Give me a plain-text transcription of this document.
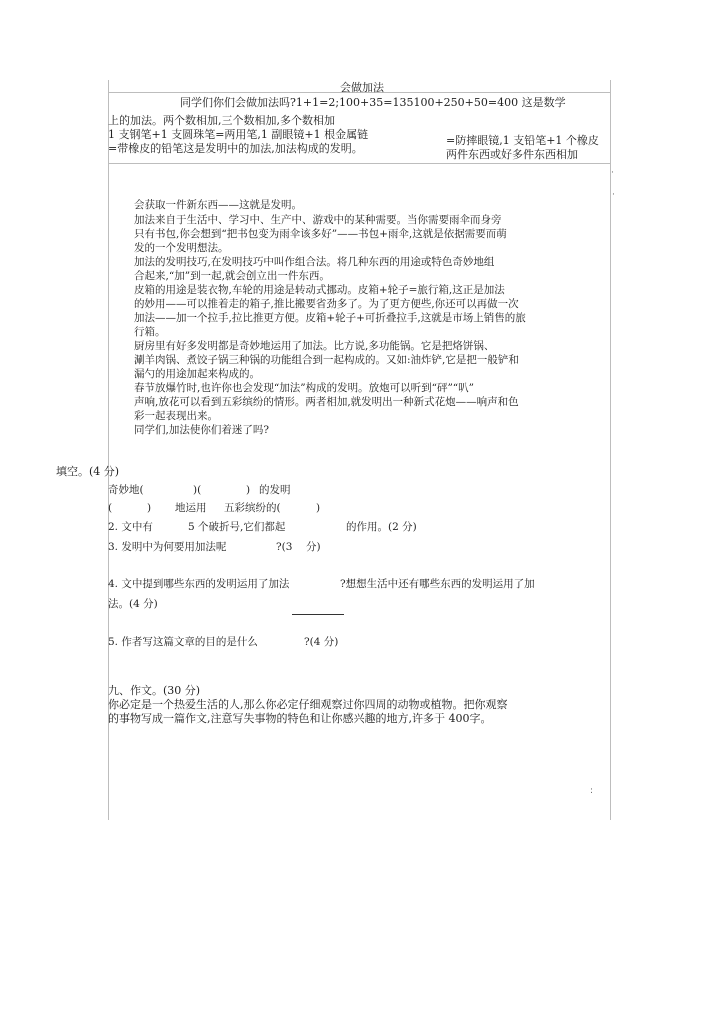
·
·
:
会做加法
同学们你们会做加法吗?1+1=2;100+35=135100+250+50=400 这是数学
上的加法。两个数相加,三个数相加,多个数相加
1 支钢笔+1 支圆珠笔=两用笔,1 副眼镜+1 根金属链
=带橡皮的铅笔这是发明中的加法,加法构成的发明。
=防摔眼镜,1 支铅笔+1 个橡皮
两件东西或好多件东西相加
会获取一件新东西——这就是发明。
加法来自于生活中、学习中、生产中、游戏中的某种需要。当你需要雨伞而身旁
只有书包,你会想到“把书包变为雨伞该多好”——书包+雨伞,这就是依据需要而萌
发的一个发明想法。
加法的发明技巧,在发明技巧中叫作组合法。将几种东西的用途或特色奇妙地组
合起来,“加”到一起,就会创立出一件东西。
皮箱的用途是装衣物,车轮的用途是转动式挪动。皮箱+轮子=旅行箱,这正是加法
的妙用——可以推着走的箱子,推比搬要省劲多了。为了更方便些,你还可以再做一次
加法——加一个拉手,拉比推更方便。皮箱+轮子+可折叠拉手,这就是市场上销售的旅
行箱。
厨房里有好多发明都是奇妙地运用了加法。比方说,多功能锅。它是把烙饼锅、
涮羊肉锅、煮饺子锅三种锅的功能组合到一起构成的。又如:油炸铲,它是把一般铲和
漏勺的用途加起来构成的。
春节放爆竹时,也许你也会发现“加法”构成的发明。放炮可以听到“砰”“叭”
声响,放花可以看到五彩缤纷的情形。两者相加,就发明出一种新式花炮——响声和色
彩一起表现出来。
同学们,加法使你们着迷了吗?
填空。(4 分)
奇妙地(	)(	) 的发明
(	) 地运用 五彩缤纷的(	)
2. 文中有	5 个破折号,它们都起	的作用。(2 分)
3. 发明中为何要用加法呢	?(3 分)
4. 文中提到哪些东西的发明运用了加法	?想想生活中还有哪些东西的发明运用了加
法。(4 分)
5. 作者写这篇文章的目的是什么	?(4 分)
九、作文。(30 分)
你必定是一个热爱生活的人,那么你必定仔细观察过你四周的动物或植物。把你观察
的事物写成一篇作文,注意写失事物的特色和让你感兴趣的地方,许多于 400字。
